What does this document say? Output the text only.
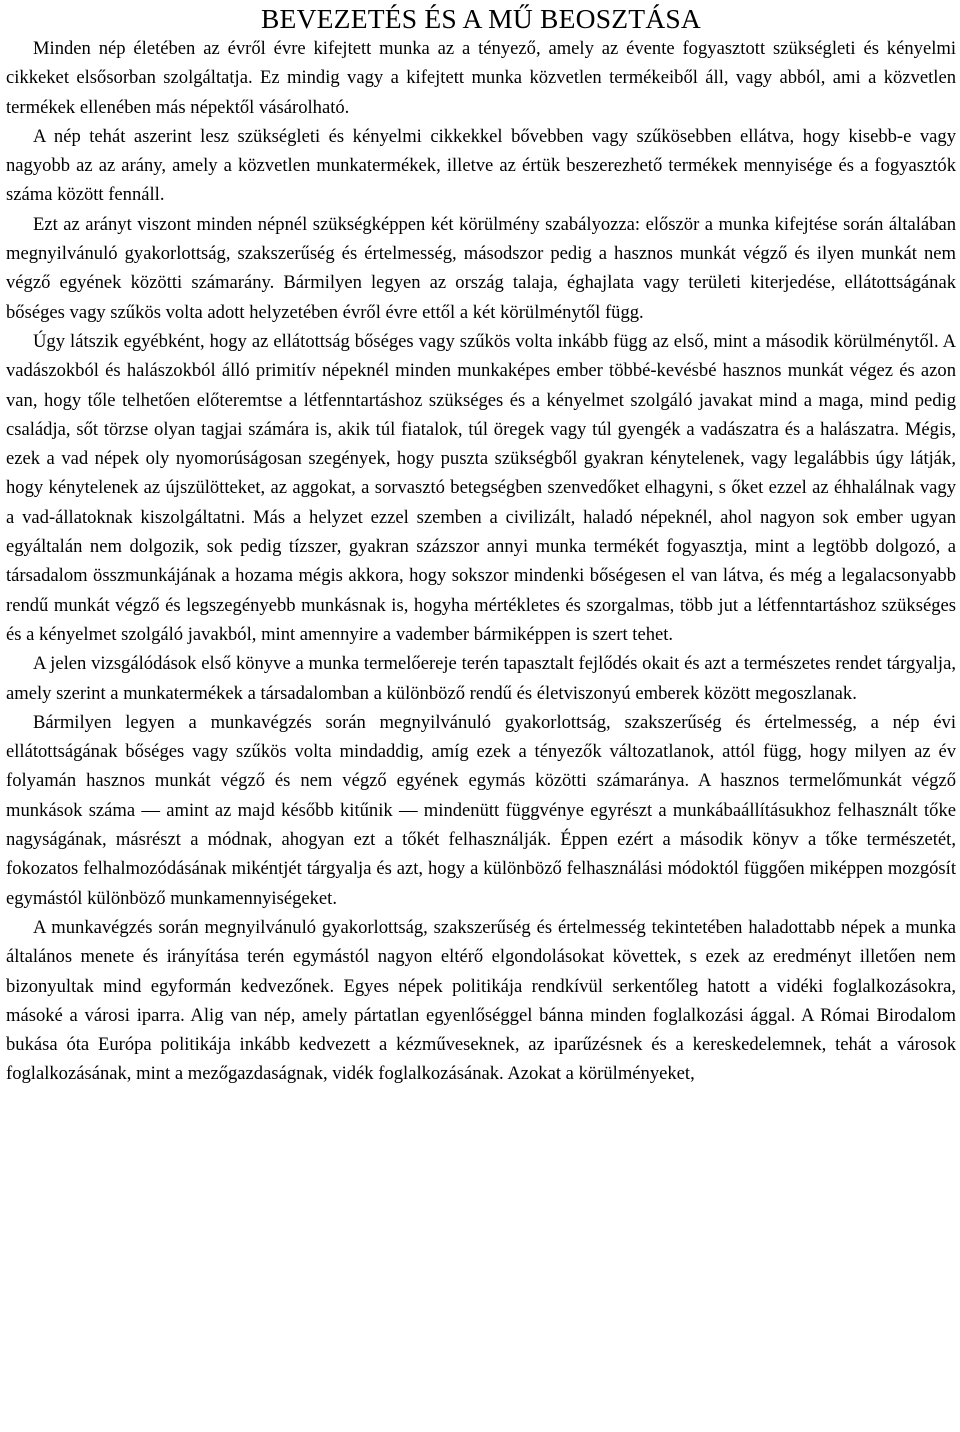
BEVEZETÉS ÉS A MŰ BEOSZTÁSA

Minden nép életében az évről évre kifejtett munka az a tényező, amely az évente fogyasztott szükségleti és kényelmi cikkeket elsősorban szolgáltatja. Ez mindig vagy a kifejtett munka közvetlen termékeiből áll, vagy abból, ami a közvetlen termékek ellenében más népektől vásárolható.

A nép tehát aszerint lesz szükségleti és kényelmi cikkekkel bővebben vagy szűkösebben ellátva, hogy kisebb-e vagy nagyobb az az arány, amely a közvetlen munkatermékek, illetve az értük beszerezhető termékek mennyisége és a fogyasztók száma között fennáll.

Ezt az arányt viszont minden népnél szükségképpen két körülmény szabályozza: először a munka kifejtése során általában megnyilvánuló gyakorlottság, szakszerűség és értelmesség, másodszor pedig a hasznos munkát végző és ilyen munkát nem végző egyének közötti számarány. Bármilyen legyen az ország talaja, éghajlata vagy területi kiterjedése, ellátottságának bőséges vagy szűkös volta adott helyzetében évről évre ettől a két körülménytől függ.

Úgy látszik egyébként, hogy az ellátottság bőséges vagy szűkös volta inkább függ az első, mint a második körülménytől. A vadászokból és halászokból álló primitív népeknél minden munkaképes ember többé-kevésbé hasznos munkát végez és azon van, hogy tőle telhetően előteremtse a létfenntartáshoz szükséges és a kényelmet szolgáló javakat mind a maga, mind pedig családja, sőt törzse olyan tagjai számára is, akik túl fiatalok, túl öregek vagy túl gyengék a vadászatra és a halászatra. Mégis, ezek a vad népek oly nyomorúságosan szegények, hogy puszta szükségből gyakran kénytelenek, vagy legalábbis úgy látják, hogy kénytelenek az újszülötteket, az aggokat, a sorvasztó betegségben szenvedőket elhagyni, s őket ezzel az éhhalálnak vagy a vad-állatoknak kiszolgáltatni. Más a helyzet ezzel szemben a civilizált, haladó népeknél, ahol nagyon sok ember ugyan egyáltalán nem dolgozik, sok pedig tízszer, gyakran százszor annyi munka termékét fogyasztja, mint a legtöbb dolgozó, a társadalom összmunkájának a hozama mégis akkora, hogy sokszor mindenki bőségesen el van látva, és még a legalacsonyabb rendű munkát végző és legszegényebb munkásnak is, hogyha mértékletes és szorgalmas, több jut a létfenntartáshoz szükséges és a kényelmet szolgáló javakból, mint amennyire a vadember bármiképpen is szert tehet.

A jelen vizsgálódások első könyve a munka termelőereje terén tapasztalt fejlődés okait és azt a természetes rendet tárgyalja, amely szerint a munkatermékek a társadalomban a különböző rendű és életviszonyú emberek között megoszlanak.

Bármilyen legyen a munkavégzés során megnyilvánuló gyakorlottság, szakszerűség és értelmesség, a nép évi ellátottságának bőséges vagy szűkös volta mindaddig, amíg ezek a tényezők változatlanok, attól függ, hogy milyen az év folyamán hasznos munkát végző és nem végző egyének egymás közötti számaránya. A hasznos termelőmunkát végző munkások száma — amint az majd később kitűnik — mindenütt függvénye egyrészt a munkábaállításukhoz felhasznált tőke nagyságának, másrészt a módnak, ahogyan ezt a tőkét felhasználják. Éppen ezért a második könyv a tőke természetét, fokozatos felhalmozódásának mikéntjét tárgyalja és azt, hogy a különböző felhasználási módoktól függően miképpen mozgósít egymástól különböző munkamennyiségeket.

A munkavégzés során megnyilvánuló gyakorlottság, szakszerűség és értelmesség tekintetében haladottabb népek a munka általános menete és irányítása terén egymástól nagyon eltérő elgondolásokat követtek, s ezek az eredményt illetően nem bizonyultak mind egyformán kedvezőnek. Egyes népek politikája rendkívül serkentőleg hatott a vidéki foglalkozásokra, másoké a városi iparra. Alig van nép, amely pártatlan egyenlőséggel bánna minden foglalkozási ággal. A Római Birodalom bukása óta Európa politikája inkább kedvezett a kézműveseknek, az iparűzésnek és a kereskedelemnek, tehát a városok foglalkozásának, mint a mezőgazdaságnak, vidék foglalkozásának. Azokat a körülményeket,
